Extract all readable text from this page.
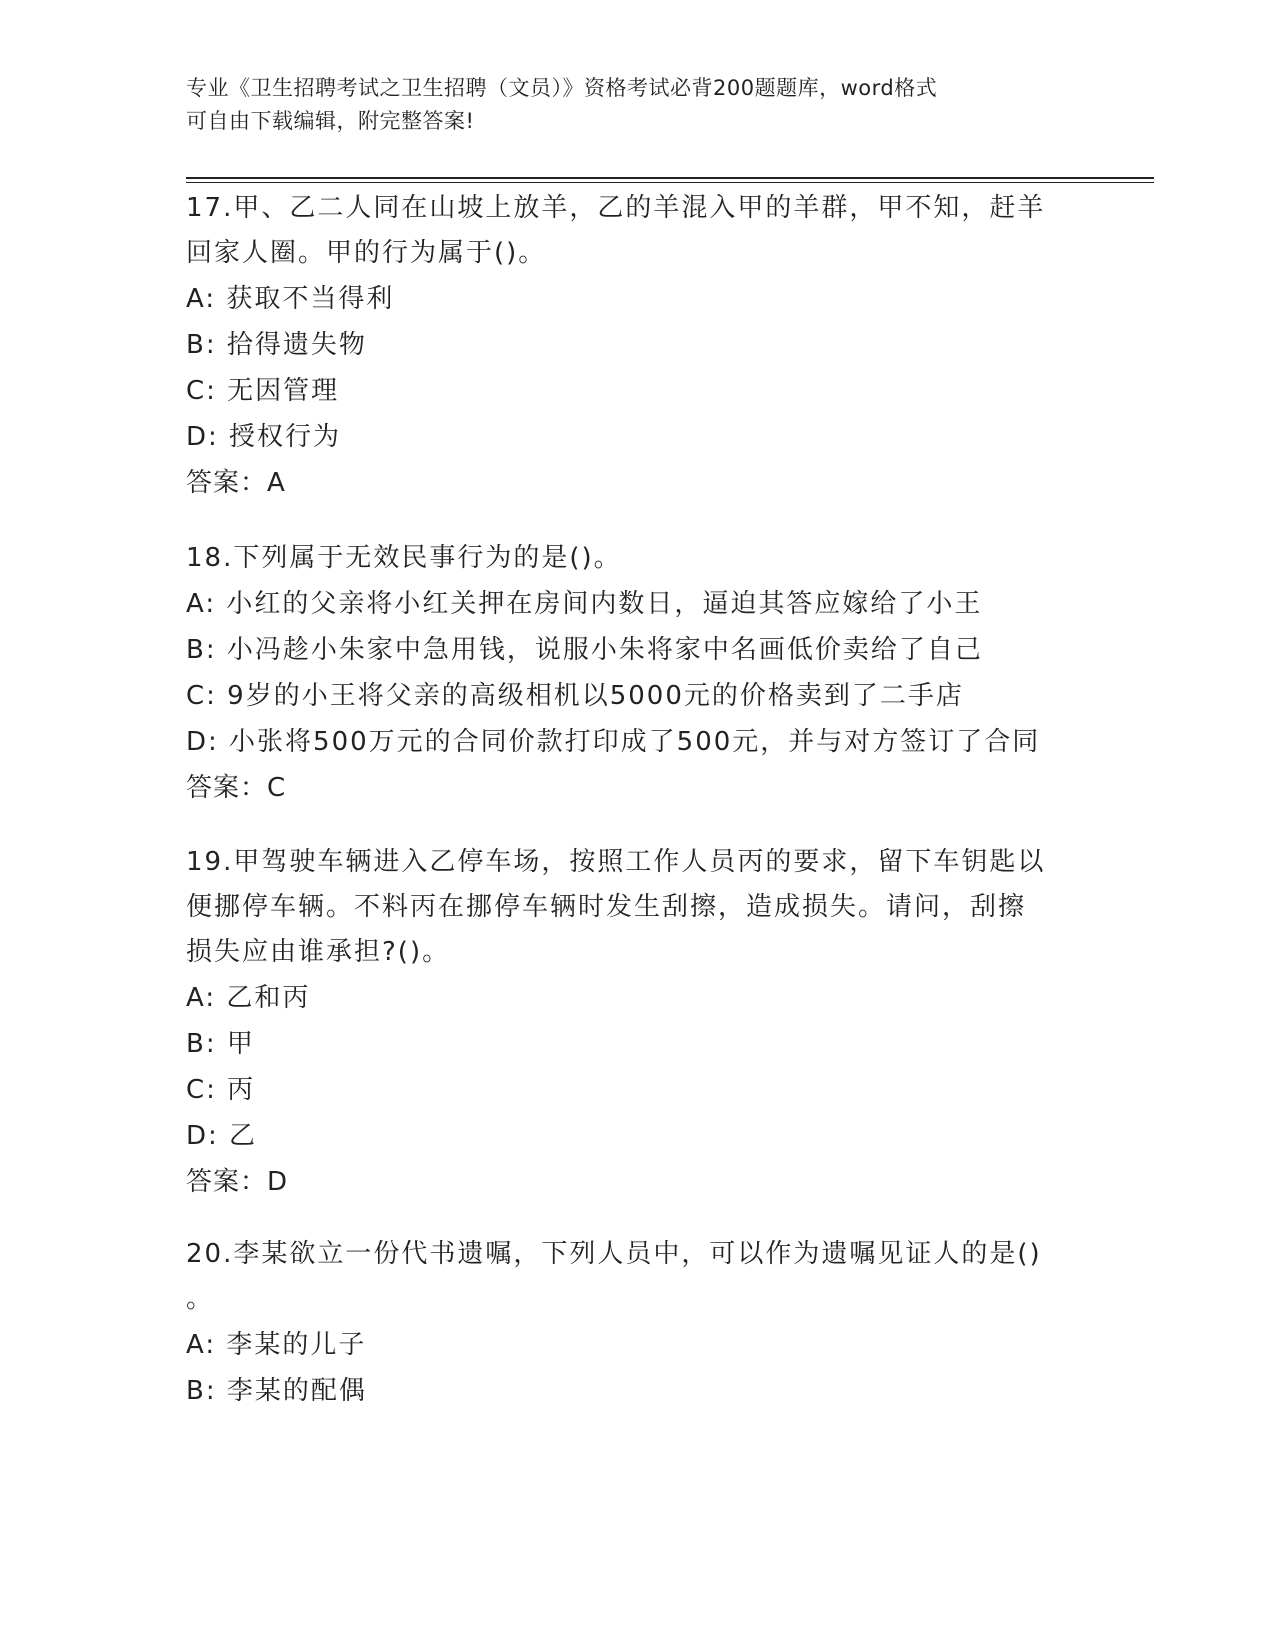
专业《卫生招聘考试之卫生招聘（文员）》资格考试必背200题题库，word格式
可自由下载编辑，附完整答案!
17.甲、乙二人同在山坡上放羊，乙的羊混入甲的羊群，甲不知，赶羊
回家人圈。甲的行为属于()。
A: 获取不当得利
B: 拾得遗失物
C: 无因管理
D: 授权行为
答案：A
18.下列属于无效民事行为的是()。
A: 小红的父亲将小红关押在房间内数日，逼迫其答应嫁给了小王
B: 小冯趁小朱家中急用钱，说服小朱将家中名画低价卖给了自己
C: 9岁的小王将父亲的高级相机以5000元的价格卖到了二手店
D: 小张将500万元的合同价款打印成了500元，并与对方签订了合同
答案：C
19.甲驾驶车辆进入乙停车场，按照工作人员丙的要求，留下车钥匙以
便挪停车辆。不料丙在挪停车辆时发生刮擦，造成损失。请问，刮擦
损失应由谁承担?()。
A: 乙和丙
B: 甲
C: 丙
D: 乙
答案：D
20.李某欲立一份代书遗嘱，下列人员中，可以作为遗嘱见证人的是()
。
A: 李某的儿子
B: 李某的配偶
